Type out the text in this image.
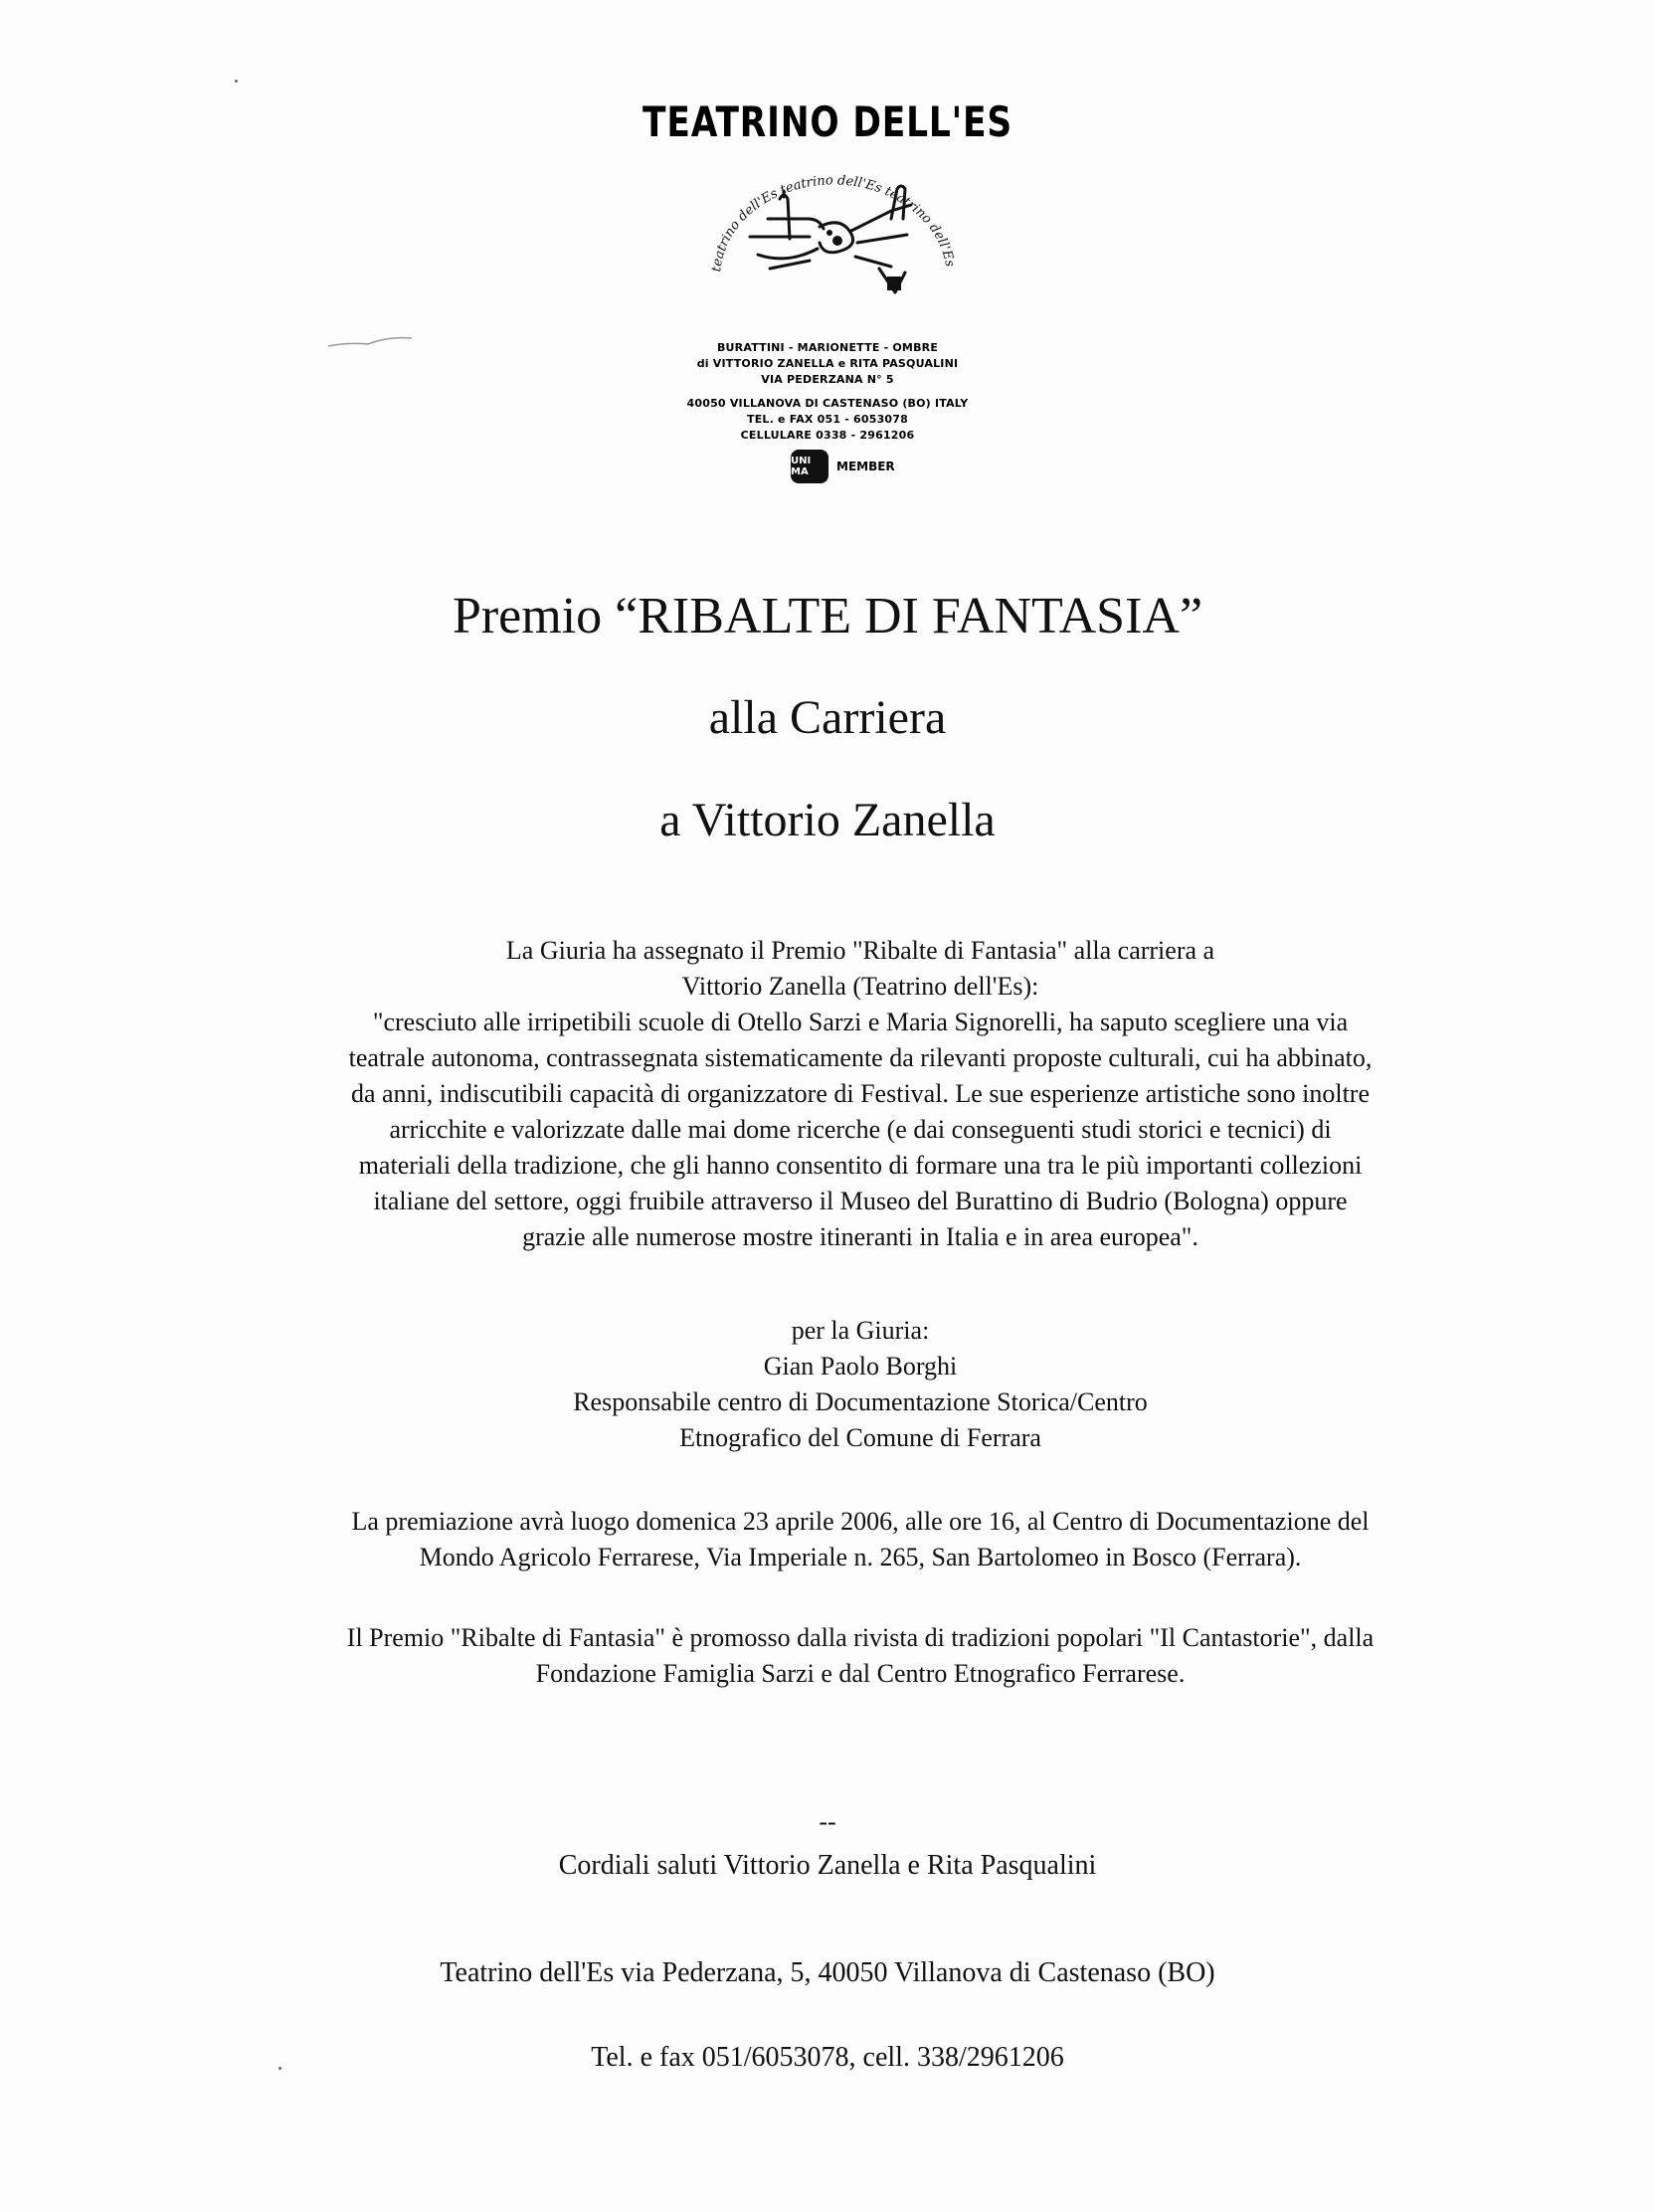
TEATRINO DELL'ES
teatrino dell'Es teatrino dell'Es teatrino dell'Es
BURATTINI - MARIONETTE - OMBRE
di VITTORIO ZANELLA e RITA PASQUALINI
VIA PEDERZANA N° 5
40050 VILLANOVA DI CASTENASO (BO) ITALY
TEL. e FAX 051 - 6053078
CELLULARE 0338 - 2961206
UNI MA	MEMBER
Premio “RIBALTE DI FANTASIA”
alla Carriera
a Vittorio Zanella
La Giuria ha assegnato il Premio "Ribalte di Fantasia" alla carriera a
Vittorio Zanella (Teatrino dell'Es):
"cresciuto alle irripetibili scuole di Otello Sarzi e Maria Signorelli, ha saputo scegliere una via
teatrale autonoma, contrassegnata sistematicamente da rilevanti proposte culturali, cui ha abbinato,
da anni, indiscutibili capacità di organizzatore di Festival. Le sue esperienze artistiche sono inoltre
arricchite e valorizzate dalle mai dome ricerche (e dai conseguenti studi storici e tecnici) di
materiali della tradizione, che gli hanno consentito di formare una tra le più importanti collezioni
italiane del settore, oggi fruibile attraverso il Museo del Burattino di Budrio (Bologna) oppure
grazie alle numerose mostre itineranti in Italia e in area europea".
per la Giuria:
Gian Paolo Borghi
Responsabile centro di Documentazione Storica/Centro
Etnografico del Comune di Ferrara
La premiazione avrà luogo domenica 23 aprile 2006, alle ore 16, al Centro di Documentazione del
Mondo Agricolo Ferrarese, Via Imperiale n. 265, San Bartolomeo in Bosco (Ferrara).
Il Premio "Ribalte di Fantasia" è promosso dalla rivista di tradizioni popolari "Il Cantastorie", dalla
Fondazione Famiglia Sarzi e dal Centro Etnografico Ferrarese.
--
Cordiali saluti Vittorio Zanella e Rita Pasqualini
Teatrino dell'Es via Pederzana, 5, 40050 Villanova di Castenaso (BO)
Tel. e fax 051/6053078, cell. 338/2961206
